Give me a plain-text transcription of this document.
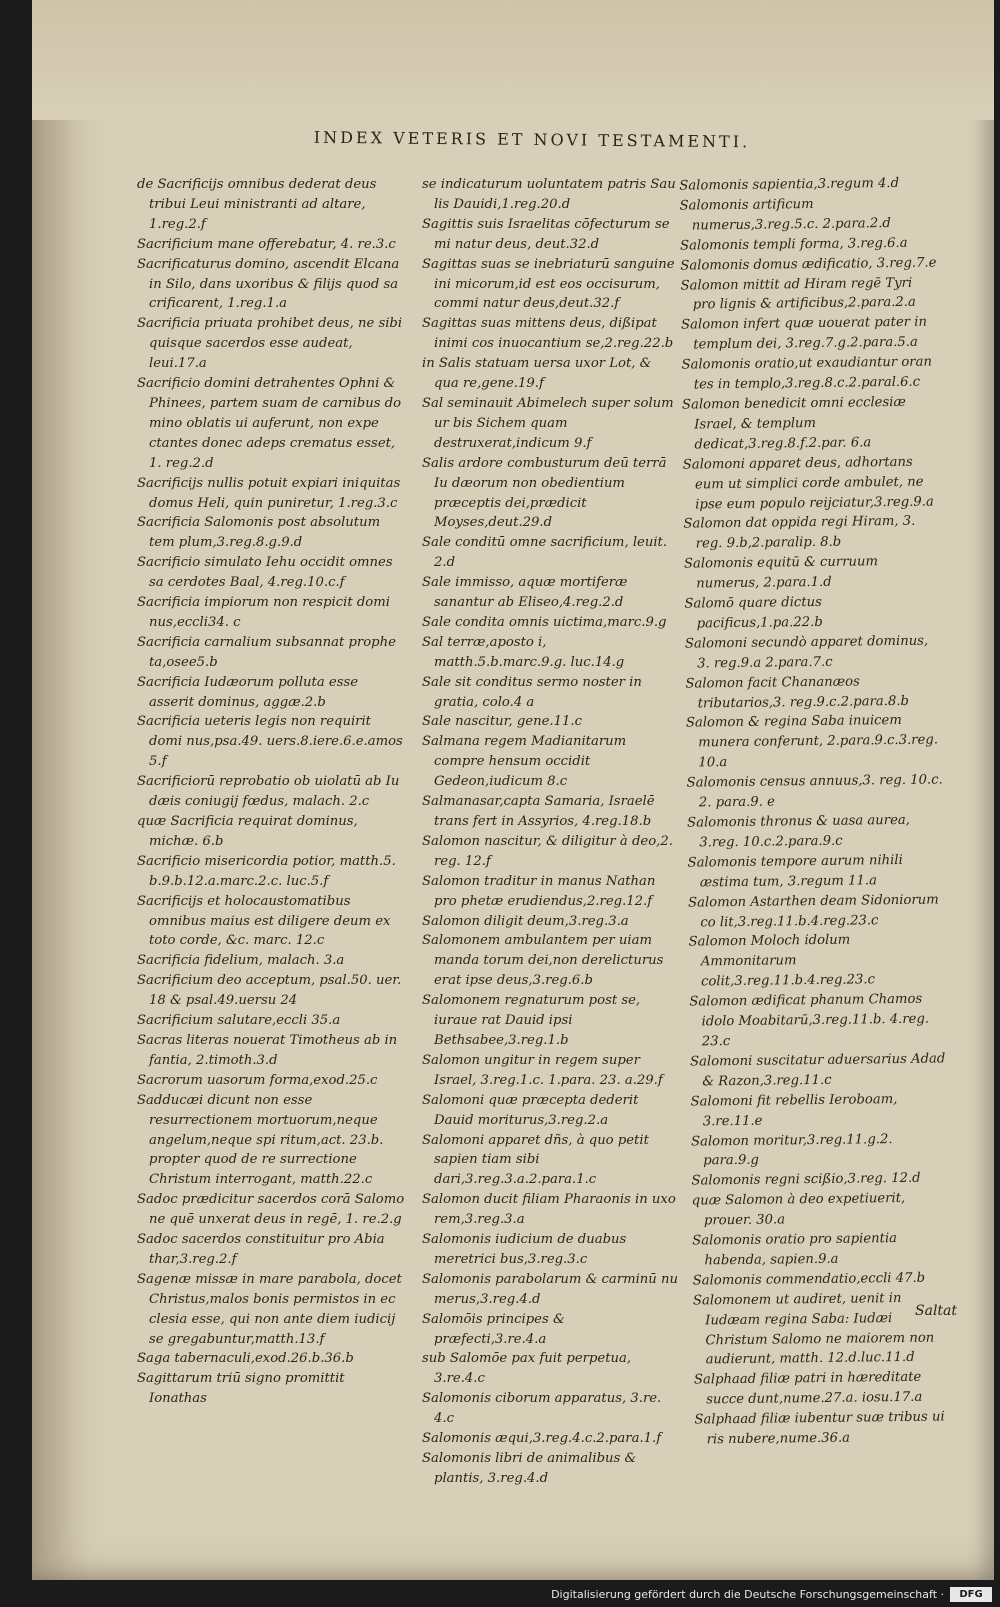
INDEX VETERIS ET NOVI TESTAMENTI.

de Sacrificijs omnibus dederat deus tribui Leui ministranti ad altare, 1.reg.2.f

Sacrificium mane offerebatur, 4. re.3.c

Sacrificaturus domino, ascendit Elcana in Silo, dans uxoribus & filijs quod sa crificarent, 1.reg.1.a

Sacrificia priuata prohibet deus, ne sibi quisque sacerdos esse audeat, leui.17.a

Sacrificio domini detrahentes Ophni & Phinees, partem suam de carnibus do mino oblatis ui auferunt, non expe ctantes donec adeps crematus esset, 1. reg.2.d

Sacrificijs nullis potuit expiari iniquitas domus Heli, quin puniretur, 1.reg.3.c

Sacrificia Salomonis post absolutum tem plum,3.reg.8.g.9.d

Sacrificio simulato Iehu occidit omnes sa cerdotes Baal, 4.reg.10.c.f

Sacrificia impiorum non respicit domi nus,eccli34. c

Sacrificia carnalium subsannat prophe ta,osee5.b

Sacrificia Iudæorum polluta esse asserit dominus, aggæ.2.b

Sacrificia ueteris legis non requirit domi nus,psa.49. uers.8.iere.6.e.amos 5.f

Sacrificiorū reprobatio ob uiolatū ab Iu dæis coniugij fœdus, malach. 2.c

quæ Sacrificia requirat dominus, michæ. 6.b

Sacrificio misericordia potior, matth.5. b.9.b.12.a.marc.2.c. luc.5.f

Sacrificijs et holocaustomatibus omnibus maius est diligere deum ex toto corde, &c. marc. 12.c

Sacrificia fidelium, malach. 3.a

Sacrificium deo acceptum, psal.50. uer. 18 & psal.49.uersu 24

Sacrificium salutare,eccli 35.a

Sacras literas nouerat Timotheus ab in fantia, 2.timoth.3.d

Sacrorum uasorum forma,exod.25.c

Sadducæi dicunt non esse resurrectionem mortuorum,neque angelum,neque spi ritum,act. 23.b. propter quod de re surrectione Christum interrogant, matth.22.c

Sadoc prædicitur sacerdos corā Salomo ne quē unxerat deus in regē, 1. re.2.g

Sadoc sacerdos constituitur pro Abia thar,3.reg.2.f

Sagenæ missæ in mare parabola, docet Christus,malos bonis permistos in ec clesia esse, qui non ante diem iudicij se gregabuntur,matth.13.f

Saga tabernaculi,exod.26.b.36.b

Sagittarum triū signo promittit Ionathas

se indicaturum uoluntatem patris Sau lis Dauidi,1.reg.20.d

Sagittis suis Israelitas cōfecturum se mi natur deus, deut.32.d

Sagittas suas se inebriaturū sanguine ini micorum,id est eos occisurum, commi natur deus,deut.32.f

Sagittas suas mittens deus, dißipat inimi cos inuocantium se,2.reg.22.b

in Salis statuam uersa uxor Lot, & qua re,gene.19.f

Sal seminauit Abimelech super solum ur bis Sichem quam destruxerat,indicum 9.f

Salis ardore combusturum deū terrā Iu dæorum non obedientium præceptis dei,prædicit Moyses,deut.29.d

Sale conditū omne sacrificium, leuit. 2.d

Sale immisso, aquæ mortiferæ sanantur ab Eliseo,4.reg.2.d

Sale condita omnis uictima,marc.9.g

Sal terræ,aposto i, matth.5.b.marc.9.g. luc.14.g

Sale sit conditus sermo noster in gratia, colo.4 a

Sale nascitur, gene.11.c

Salmana regem Madianitarum compre hensum occidit Gedeon,iudicum 8.c

Salmanasar,capta Samaria, Israelē trans fert in Assyrios, 4.reg.18.b

Salomon nascitur, & diligitur à deo,2. reg. 12.f

Salomon traditur in manus Nathan pro phetæ erudiendus,2.reg.12.f

Salomon diligit deum,3.reg.3.a

Salomonem ambulantem per uiam manda torum dei,non derelicturus erat ipse deus,3.reg.6.b

Salomonem regnaturum post se, iuraue rat Dauid ipsi Bethsabee,3.reg.1.b

Salomon ungitur in regem super Israel, 3.reg.1.c. 1.para. 23. a.29.f

Salomoni quæ præcepta dederit Dauid moriturus,3.reg.2.a

Salomoni apparet dñs, à quo petit sapien tiam sibi dari,3.reg.3.a.2.para.1.c

Salomon ducit filiam Pharaonis in uxo rem,3.reg.3.a

Salomonis iudicium de duabus meretrici bus,3.reg.3.c

Salomonis parabolarum & carminū nu merus,3.reg.4.d

Salomōis principes & præfecti,3.re.4.a

sub Salomōe pax fuit perpetua, 3.re.4.c

Salomonis ciborum apparatus, 3.re. 4.c

Salomonis æqui,3.reg.4.c.2.para.1.f

Salomonis libri de animalibus & plantis, 3.reg.4.d

Salomonis sapientia,3.regum 4.d

Salomonis artificum numerus,3.reg.5.c. 2.para.2.d

Salomonis templi forma, 3.reg.6.a

Salomonis domus ædificatio, 3.reg.7.e

Salomon mittit ad Hiram regē Tyri pro lignis & artificibus,2.para.2.a

Salomon infert quæ uouerat pater in templum dei, 3.reg.7.g.2.para.5.a

Salomonis oratio,ut exaudiantur oran tes in templo,3.reg.8.c.2.paral.6.c

Salomon benedicit omni ecclesiæ Israel, & templum dedicat,3.reg.8.f.2.par. 6.a

Salomoni apparet deus, adhortans eum ut simplici corde ambulet, ne ipse eum populo reijciatur,3.reg.9.a

Salomon dat oppida regi Hiram, 3. reg. 9.b,2.paralip. 8.b

Salomonis equitū & curruum numerus, 2.para.1.d

Salomō quare dictus pacificus,1.pa.22.b

Salomoni secundò apparet dominus, 3. reg.9.a 2.para.7.c

Salomon facit Chananæos tributarios,3. reg.9.c.2.para.8.b

Salomon & regina Saba inuicem munera conferunt, 2.para.9.c.3.reg. 10.a

Salomonis census annuus,3. reg. 10.c. 2. para.9. e

Salomonis thronus & uasa aurea, 3.reg. 10.c.2.para.9.c

Salomonis tempore aurum nihili æstima tum, 3.regum 11.a

Salomon Astarthen deam Sidoniorum co lit,3.reg.11.b.4.reg.23.c

Salomon Moloch idolum Ammonitarum colit,3.reg.11.b.4.reg.23.c

Salomon ædificat phanum Chamos idolo Moabitarū,3.reg.11.b. 4.reg. 23.c

Salomoni suscitatur aduersarius Adad & Razon,3.reg.11.c

Salomoni fit rebellis Ieroboam, 3.re.11.e

Salomon moritur,3.reg.11.g.2. para.9.g

Salomonis regni scißio,3.reg. 12.d

quæ Salomon à deo expetiuerit, prouer. 30.a

Salomonis oratio pro sapientia habenda, sapien.9.a

Salomonis commendatio,eccli 47.b

Salomonem ut audiret, uenit in Iudæam regina Saba: Iudæi Christum Salomo ne maiorem non audierunt, matth. 12.d.luc.11.d

Salphaad filiæ patri in hæreditate succe dunt,nume.27.a. iosu.17.a

Salphaad filiæ iubentur suæ tribus ui ris nubere,nume.36.a

Saltat
Digitalisierung gefördert durch die Deutsche Forschungsgemeinschaft ·	DFG
